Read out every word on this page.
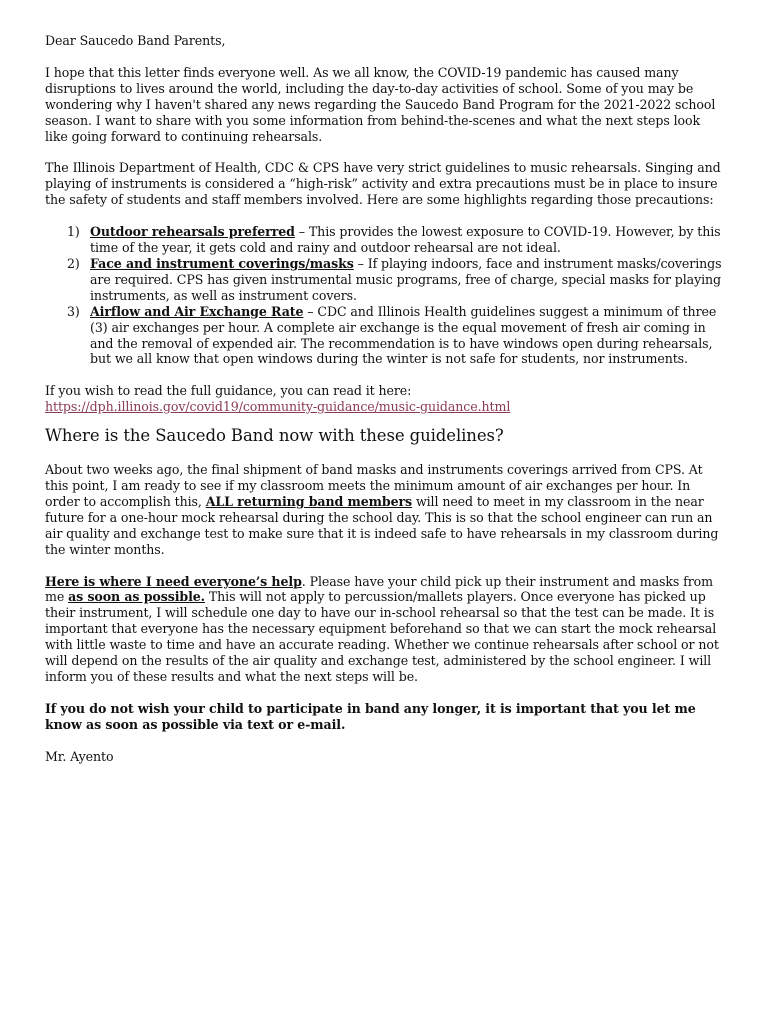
Dear Saucedo Band Parents,

I hope that this letter finds everyone well. As we all know, the COVID-19 pandemic has caused many disruptions to lives around the world, including the day-to-day activities of school. Some of you may be wondering why I haven't shared any news regarding the Saucedo Band Program for the 2021-2022 school season. I want to share with you some information from behind-the-scenes and what the next steps look like going forward to continuing rehearsals.

The Illinois Department of Health, CDC & CPS have very strict guidelines to music rehearsals. Singing and playing of instruments is considered a “high-risk” activity and extra precautions must be in place to insure the safety of students and staff members involved. Here are some highlights regarding those precautions:

1) Outdoor rehearsals preferred – This provides the lowest exposure to COVID-19. However, by this time of the year, it gets cold and rainy and outdoor rehearsal are not ideal.
2) Face and instrument coverings/masks – If playing indoors, face and instrument masks/coverings are required. CPS has given instrumental music programs, free of charge, special masks for playing instruments, as well as instrument covers.
3) Airflow and Air Exchange Rate – CDC and Illinois Health guidelines suggest a minimum of three (3) air exchanges per hour. A complete air exchange is the equal movement of fresh air coming in and the removal of expended air. The recommendation is to have windows open during rehearsals, but we all know that open windows during the winter is not safe for students, nor instruments.

If you wish to read the full guidance, you can read it here:

https://dph.illinois.gov/covid19/community-guidance/music-guidance.html

Where is the Saucedo Band now with these guidelines?

About two weeks ago, the final shipment of band masks and instruments coverings arrived from CPS. At this point, I am ready to see if my classroom meets the minimum amount of air exchanges per hour. In order to accomplish this, ALL returning band members will need to meet in my classroom in the near future for a one-hour mock rehearsal during the school day. This is so that the school engineer can run an air quality and exchange test to make sure that it is indeed safe to have rehearsals in my classroom during the winter months.

Here is where I need everyone’s help. Please have your child pick up their instrument and masks from me as soon as possible. This will not apply to percussion/mallets players. Once everyone has picked up their instrument, I will schedule one day to have our in-school rehearsal so that the test can be made. It is important that everyone has the necessary equipment beforehand so that we can start the mock rehearsal with little waste to time and have an accurate reading. Whether we continue rehearsals after school or not will depend on the results of the air quality and exchange test, administered by the school engineer. I will inform you of these results and what the next steps will be.

If you do not wish your child to participate in band any longer, it is important that you let me know as soon as possible via text or e-mail.

Mr. Ayento
